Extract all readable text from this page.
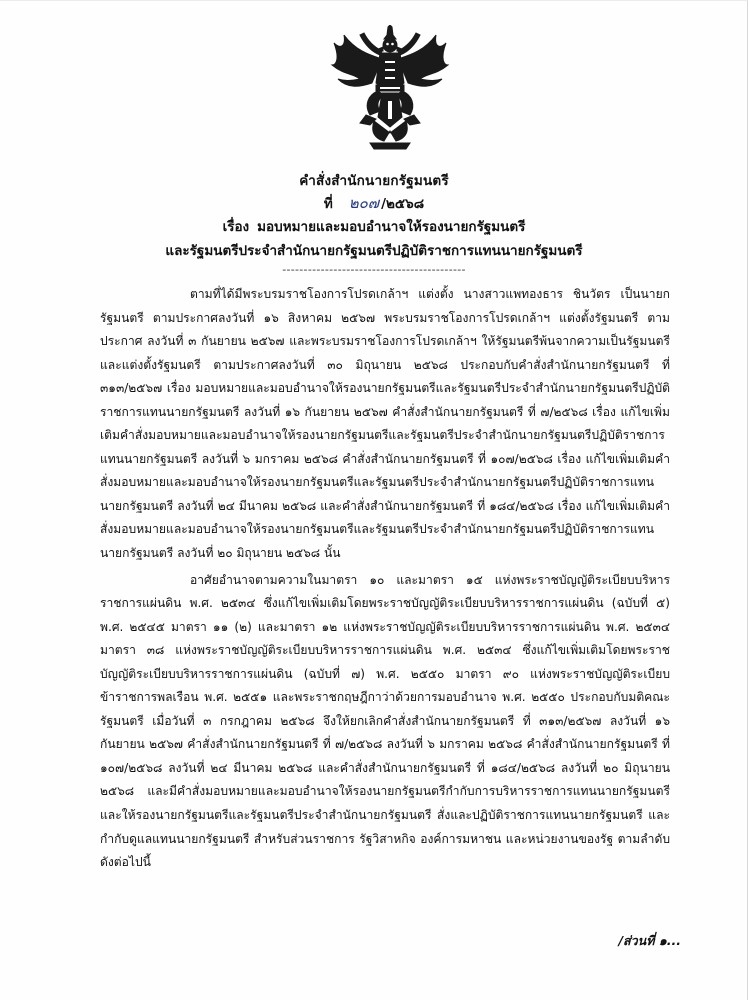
คำสั่งสำนักนายกรัฐมนตรี
ที่ ๒๐๗ /๒๕๖๘
เรื่อง มอบหมายและมอบอำนาจให้รองนายกรัฐมนตรี
และรัฐมนตรีประจำสำนักนายกรัฐมนตรีปฏิบัติราชการแทนนายกรัฐมนตรี
-------------------------------------------

ตามที่ได้มีพระบรมราชโองการโปรดเกล้าฯ แต่งตั้ง นางสาวแพทองธาร ชินวัตร เป็นนายกรัฐมนตรี ตามประกาศลงวันที่ ๑๖ สิงหาคม ๒๕๖๗ พระบรมราชโองการโปรดเกล้าฯ แต่งตั้งรัฐมนตรี ตามประกาศ ลงวันที่ ๓ กันยายน ๒๕๖๗ และพระบรมราชโองการโปรดเกล้าฯ ให้รัฐมนตรีพ้นจากความเป็นรัฐมนตรีและแต่งตั้งรัฐมนตรี ตามประกาศลงวันที่ ๓๐ มิถุนายน ๒๕๖๘ ประกอบกับคำสั่งสำนักนายกรัฐมนตรี ที่ ๓๑๓/๒๕๖๗ เรื่อง มอบหมายและมอบอำนาจให้รองนายกรัฐมนตรีและรัฐมนตรีประจำสำนักนายกรัฐมนตรีปฏิบัติราชการแทนนายกรัฐมนตรี ลงวันที่ ๑๖ กันยายน ๒๕๖๗ คำสั่งสำนักนายกรัฐมนตรี ที่ ๗/๒๕๖๘ เรื่อง แก้ไขเพิ่มเติมคำสั่งมอบหมายและมอบอำนาจให้รองนายกรัฐมนตรีและรัฐมนตรีประจำสำนักนายกรัฐมนตรีปฏิบัติราชการแทนนายกรัฐมนตรี ลงวันที่ ๖ มกราคม ๒๕๖๘ คำสั่งสำนักนายกรัฐมนตรี ที่ ๑๐๗/๒๕๖๘ เรื่อง แก้ไขเพิ่มเติมคำสั่งมอบหมายและมอบอำนาจให้รองนายกรัฐมนตรีและรัฐมนตรีประจำสำนักนายกรัฐมนตรีปฏิบัติราชการแทนนายกรัฐมนตรี ลงวันที่ ๒๔ มีนาคม ๒๕๖๘ และคำสั่งสำนักนายกรัฐมนตรี ที่ ๑๘๔/๒๕๖๘ เรื่อง แก้ไขเพิ่มเติมคำสั่งมอบหมายและมอบอำนาจให้รองนายกรัฐมนตรีและรัฐมนตรีประจำสำนักนายกรัฐมนตรีปฏิบัติราชการแทนนายกรัฐมนตรี ลงวันที่ ๒๐ มิถุนายน ๒๕๖๘ นั้น

อาศัยอำนาจตามความในมาตรา ๑๐ และมาตรา ๑๕ แห่งพระราชบัญญัติระเบียบบริหารราชการแผ่นดิน พ.ศ. ๒๕๓๔ ซึ่งแก้ไขเพิ่มเติมโดยพระราชบัญญัติระเบียบบริหารราชการแผ่นดิน (ฉบับที่ ๕) พ.ศ. ๒๕๔๕ มาตรา ๑๑ (๒) และมาตรา ๑๒ แห่งพระราชบัญญัติระเบียบบริหารราชการแผ่นดิน พ.ศ. ๒๕๓๔ มาตรา ๓๘ แห่งพระราชบัญญัติระเบียบบริหารราชการแผ่นดิน พ.ศ. ๒๕๓๔ ซึ่งแก้ไขเพิ่มเติมโดยพระราชบัญญัติระเบียบบริหารราชการแผ่นดิน (ฉบับที่ ๗) พ.ศ. ๒๕๕๐ มาตรา ๙๐ แห่งพระราชบัญญัติระเบียบข้าราชการพลเรือน พ.ศ. ๒๕๕๑ และพระราชกฤษฎีกาว่าด้วยการมอบอำนาจ พ.ศ. ๒๕๕๐ ประกอบกับมติคณะรัฐมนตรี เมื่อวันที่ ๓ กรกฎาคม ๒๕๖๘ จึงให้ยกเลิกคำสั่งสำนักนายกรัฐมนตรี ที่ ๓๑๓/๒๕๖๗ ลงวันที่ ๑๖ กันยายน ๒๕๖๗ คำสั่งสำนักนายกรัฐมนตรี ที่ ๗/๒๕๖๘ ลงวันที่ ๖ มกราคม ๒๕๖๘ คำสั่งสำนักนายกรัฐมนตรี ที่ ๑๐๗/๒๕๖๘ ลงวันที่ ๒๔ มีนาคม ๒๕๖๘ และคำสั่งสำนักนายกรัฐมนตรี ที่ ๑๘๔/๒๕๖๘ ลงวันที่ ๒๐ มิถุนายน ๒๕๖๘ และมีคำสั่งมอบหมายและมอบอำนาจให้รองนายกรัฐมนตรีกำกับการบริหารราชการแทนนายกรัฐมนตรี และให้รองนายกรัฐมนตรีและรัฐมนตรีประจำสำนักนายกรัฐมนตรี สั่งและปฏิบัติราชการแทนนายกรัฐมนตรี และกำกับดูแลแทนนายกรัฐมนตรี สำหรับส่วนราชการ รัฐวิสาหกิจ องค์การมหาชน และหน่วยงานของรัฐ ตามลำดับ ดังต่อไปนี้

/ส่วนที่ ๑...
